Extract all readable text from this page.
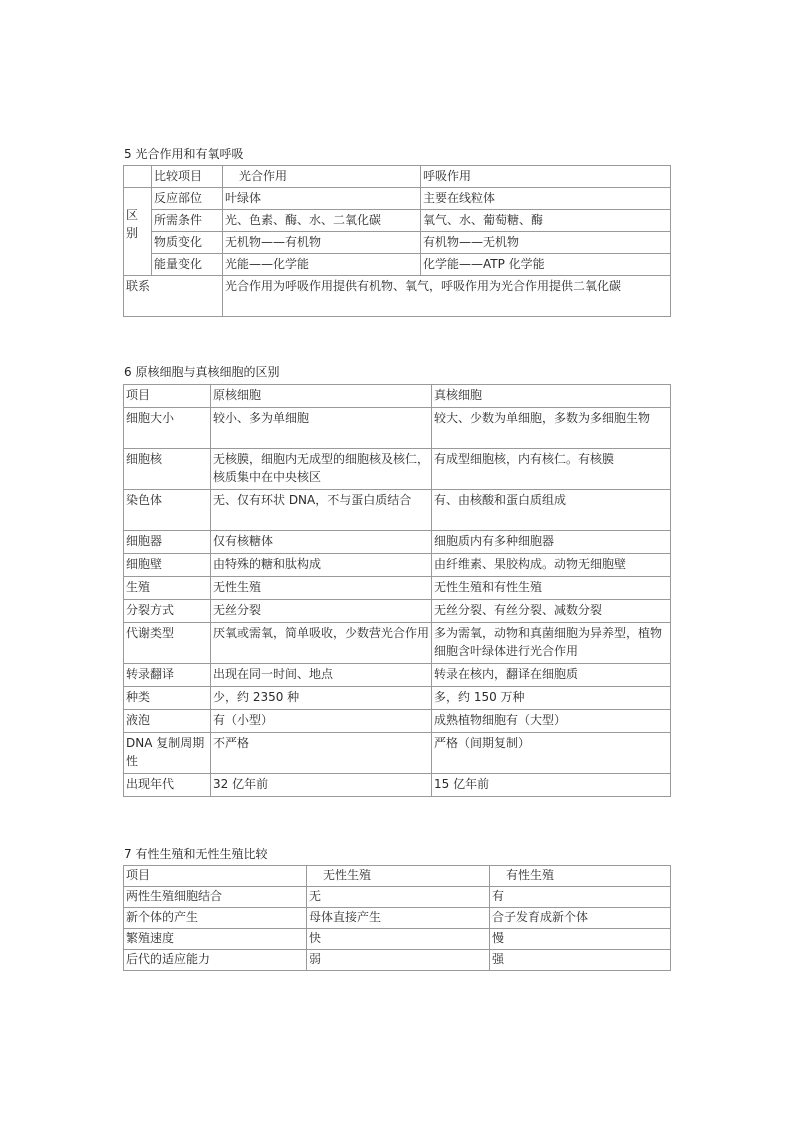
5 光合作用和有氧呼吸
	比较项目	光合作用	呼吸作用
区别	反应部位	叶绿体	主要在线粒体
	所需条件	光、色素、酶、水、二氧化碳	氧气、水、葡萄糖、酶
	物质变化	无机物——有机物	有机物——无机物
	能量变化	光能——化学能	化学能——ATP 化学能
联系		光合作用为呼吸作用提供有机物、氧气，呼吸作用为光合作用提供二氧化碳	
6 原核细胞与真核细胞的区别
项目	原核细胞	真核细胞
细胞大小	较小、多为单细胞	较大、少数为单细胞，多数为多细胞生物
细胞核	无核膜，细胞内无成型的细胞核及核仁，核质集中在中央核区	有成型细胞核，内有核仁。有核膜
染色体	无、仅有环状 DNA，不与蛋白质结合	有、由核酸和蛋白质组成
细胞器	仅有核糖体	细胞质内有多种细胞器
细胞壁	由特殊的糖和肽构成	由纤维素、果胶构成。动物无细胞壁
生殖	无性生殖	无性生殖和有性生殖
分裂方式	无丝分裂	无丝分裂、有丝分裂、减数分裂
代谢类型	厌氧或需氧，简单吸收，少数营光合作用	多为需氧，动物和真菌细胞为异养型，植物细胞含叶绿体进行光合作用
转录翻译	出现在同一时间、地点	转录在核内，翻译在细胞质
种类	少，约 2350 种	多，约 150 万种
液泡	有（小型）	成熟植物细胞有（大型）
DNA 复制周期性	不严格	严格（间期复制）
出现年代	32 亿年前	15 亿年前
7 有性生殖和无性生殖比较
项目	无性生殖	有性生殖
两性生殖细胞结合	无	有
新个体的产生	母体直接产生	合子发育成新个体
繁殖速度	快	慢
后代的适应能力	弱	强
